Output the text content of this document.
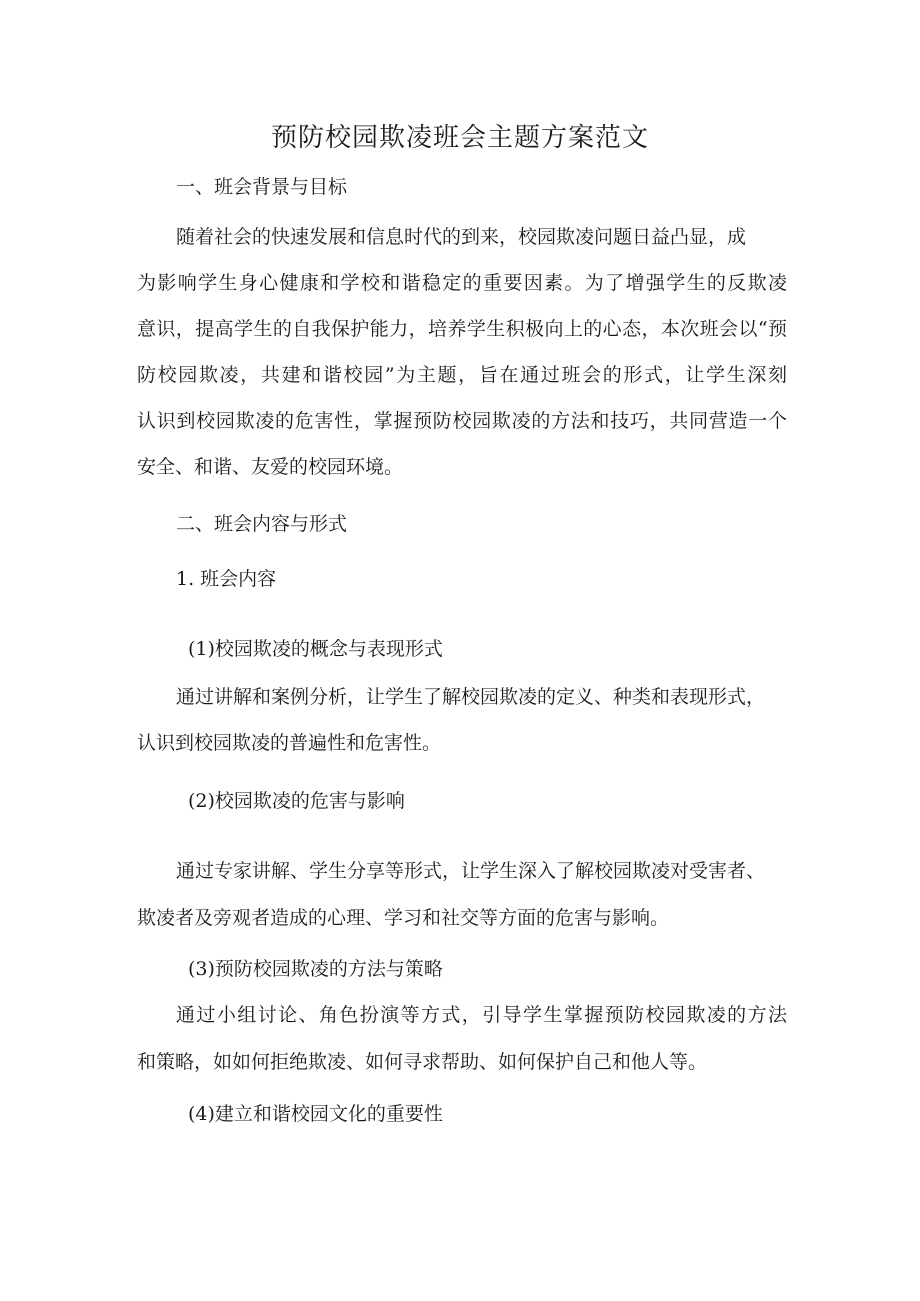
预防校园欺凌班会主题方案范文
一、班会背景与目标
随着社会的快速发展和信息时代的到来，校园欺凌问题日益凸显，成
为影响学生身心健康和学校和谐稳定的重要因素。为了增强学生的反欺凌
意识，提高学生的自我保护能力，培养学生积极向上的心态，本次班会以“预
防校园欺凌，共建和谐校园”为主题，旨在通过班会的形式，让学生深刻
认识到校园欺凌的危害性，掌握预防校园欺凌的方法和技巧，共同营造一个
安全、和谐、友爱的校园环境。
二、班会内容与形式
1. 班会内容
(1)校园欺凌的概念与表现形式
通过讲解和案例分析，让学生了解校园欺凌的定义、种类和表现形式，
认识到校园欺凌的普遍性和危害性。
(2)校园欺凌的危害与影响
通过专家讲解、学生分享等形式，让学生深入了解校园欺凌对受害者、
欺凌者及旁观者造成的心理、学习和社交等方面的危害与影响。
(3)预防校园欺凌的方法与策略
通过小组讨论、角色扮演等方式，引导学生掌握预防校园欺凌的方法
和策略，如如何拒绝欺凌、如何寻求帮助、如何保护自己和他人等。
(4)建立和谐校园文化的重要性
